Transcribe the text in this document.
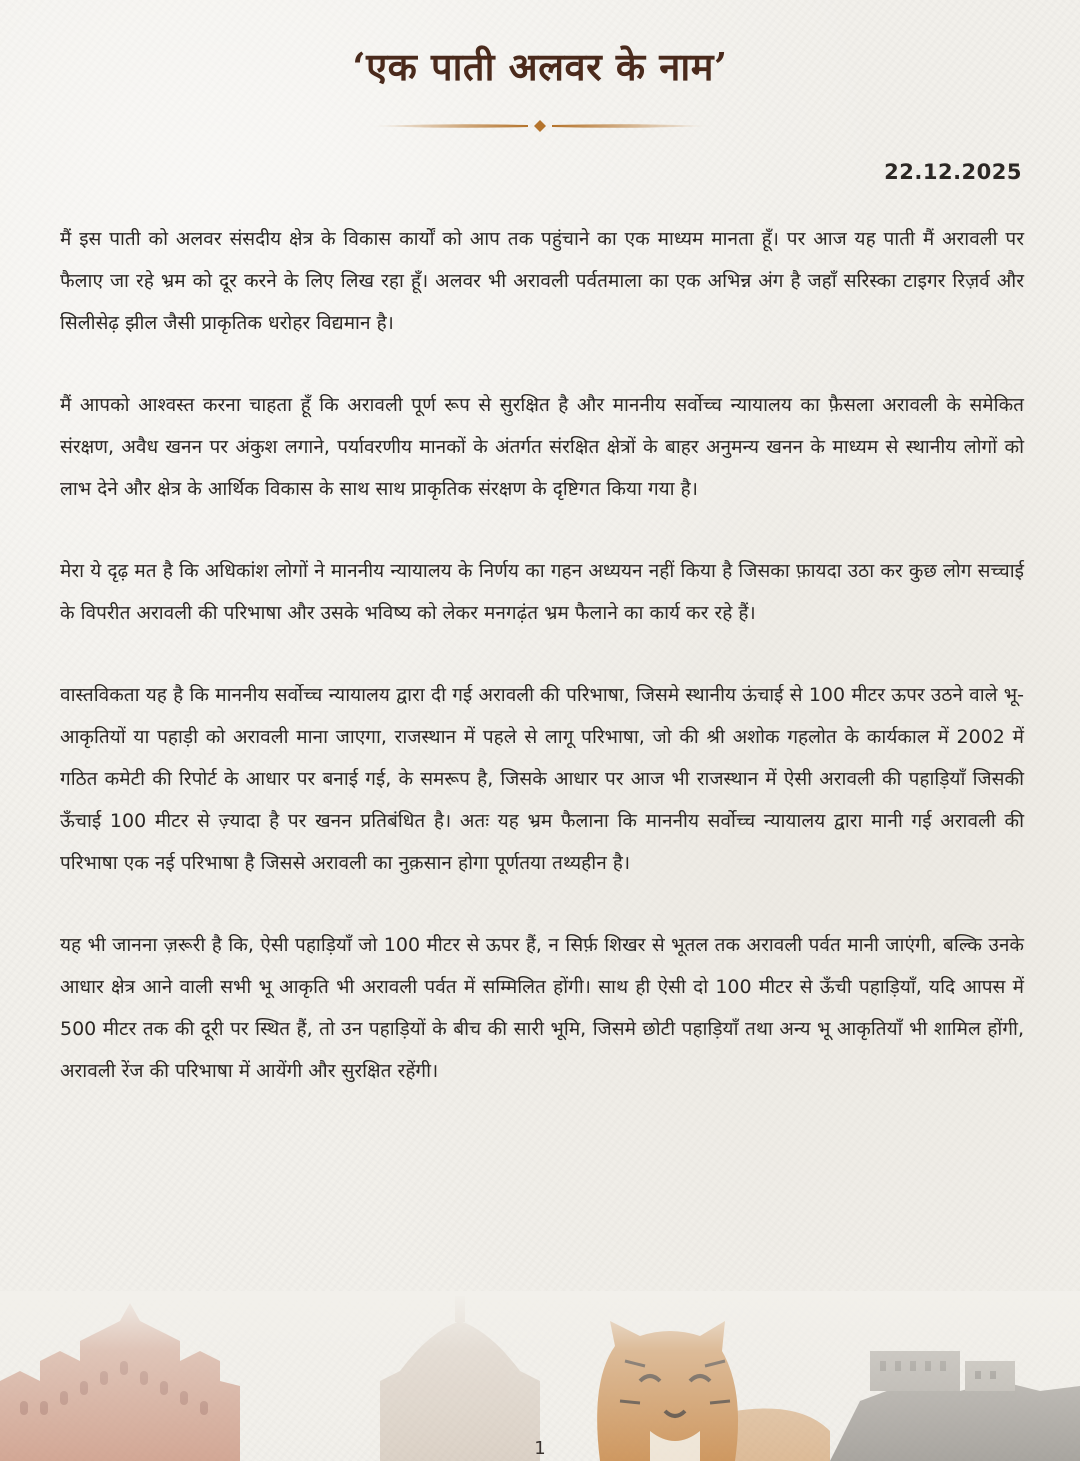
‘एक पाती अलवर के नाम’
22.12.2025

मैं इस पाती को अलवर संसदीय क्षेत्र के विकास कार्यों को आप तक पहुंचाने का एक माध्यम मानता हूँ। पर आज यह पाती मैं अरावली पर फैलाए जा रहे भ्रम को दूर करने के लिए लिख रहा हूँ। अलवर भी अरावली पर्वतमाला का एक अभिन्न अंग है जहाँ सरिस्का टाइगर रिज़र्व और सिलीसेढ़ झील जैसी प्राकृतिक धरोहर विद्यमान है।

मैं आपको आश्वस्त करना चाहता हूँ कि अरावली पूर्ण रूप से सुरक्षित है और माननीय सर्वोच्च न्यायालय का फ़ैसला अरावली के समेकित संरक्षण, अवैध खनन पर अंकुश लगाने, पर्यावरणीय मानकों के अंतर्गत संरक्षित क्षेत्रों के बाहर अनुमन्य खनन के माध्यम से स्थानीय लोगों को लाभ देने और क्षेत्र के आर्थिक विकास के साथ साथ प्राकृतिक संरक्षण के दृष्टिगत किया गया है।

मेरा ये दृढ़ मत है कि अधिकांश लोगों ने माननीय न्यायालय के निर्णय का गहन अध्ययन नहीं किया है जिसका फ़ायदा उठा कर कुछ लोग सच्चाई के विपरीत अरावली की परिभाषा और उसके भविष्य को लेकर मनगढ़ंत भ्रम फैलाने का कार्य कर रहे हैं।

वास्तविकता यह है कि माननीय सर्वोच्च न्यायालय द्वारा दी गई अरावली की परिभाषा, जिसमे स्थानीय ऊंचाई से 100 मीटर ऊपर उठने वाले भू-आकृतियों या पहाड़ी को अरावली माना जाएगा, राजस्थान में पहले से लागू परिभाषा, जो की श्री अशोक गहलोत के कार्यकाल में 2002 में गठित कमेटी की रिपोर्ट के आधार पर बनाई गई, के समरूप है, जिसके आधार पर आज भी राजस्थान में ऐसी अरावली की पहाड़ियाँ जिसकी ऊँचाई 100 मीटर से ज़्यादा है पर खनन प्रतिबंधित है। अतः यह भ्रम फैलाना कि माननीय सर्वोच्च न्यायालय द्वारा मानी गई अरावली की परिभाषा एक नई परिभाषा है जिससे अरावली का नुक़सान होगा पूर्णतया तथ्यहीन है।

यह भी जानना ज़रूरी है कि, ऐसी पहाड़ियाँ जो 100 मीटर से ऊपर हैं, न सिर्फ़ शिखर से भूतल तक अरावली पर्वत मानी जाएंगी, बल्कि उनके आधार क्षेत्र आने वाली सभी भू आकृति भी अरावली पर्वत में सम्मिलित होंगी। साथ ही ऐसी दो 100 मीटर से ऊँची पहाड़ियाँ, यदि आपस में 500 मीटर तक की दूरी पर स्थित हैं, तो उन पहाड़ियों के बीच की सारी भूमि, जिसमे छोटी पहाड़ियाँ तथा अन्य भू आकृतियाँ भी शामिल होंगी, अरावली रेंज की परिभाषा में आयेंगी और सुरक्षित रहेंगी।

1
